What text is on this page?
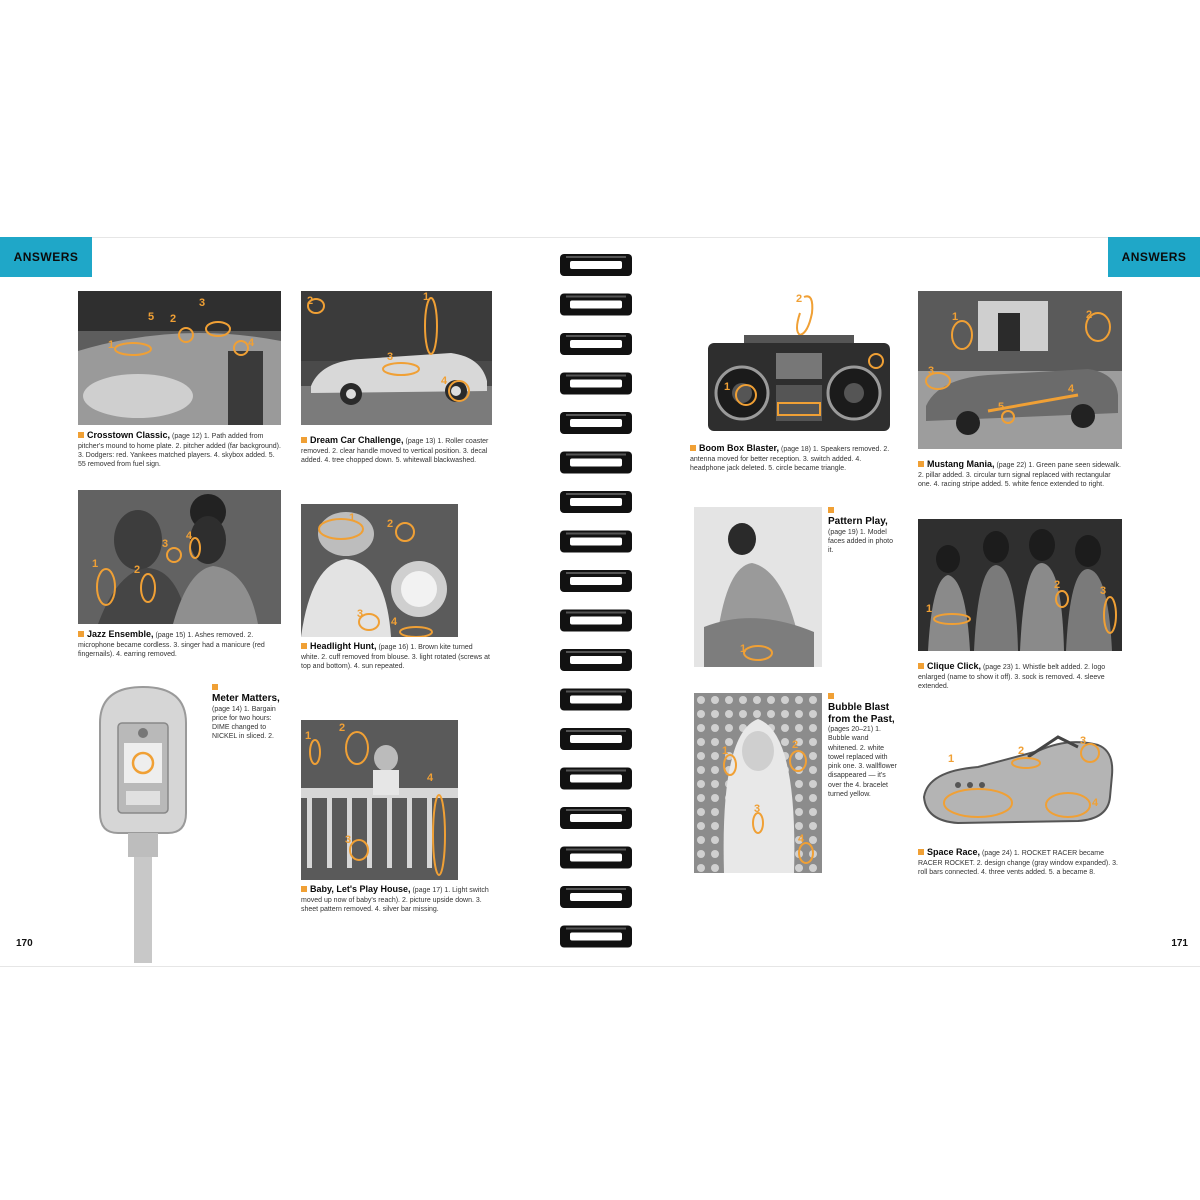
ANSWERS
1
2
3
4
5
Crosstown Classic, (page 12) 1. Path added from pitcher's mound to home plate. 2. pitcher added (far background). 3. Dodgers: red. Yankees matched players. 4. skybox added. 5. 55 removed from fuel sign.
1
2
3
4
Dream Car Challenge, (page 13) 1. Roller coaster removed. 2. clear handle moved to vertical position. 3. decal added. 4. tree chopped down. 5. whitewall blackwashed.
1	2
3
4
Jazz Ensemble, (page 15) 1. Ashes removed. 2. microphone became cordless. 3. singer had a manicure (red fingernails). 4. earring removed.
1	2
3
4
Headlight Hunt, (page 16) 1. Brown kite turned white. 2. cuff removed from blouse. 3. light rotated (screws at top and bottom). 4. sun repeated.
Meter Matters,
(page 14) 1. Bargain price for two hours: DIME changed to NICKEL in sliced. 2.	1
2
3
4
Baby, Let's Play House, (page 17) 1. Light switch moved up now of baby's reach). 2. picture upside down. 3. sheet pattern removed. 4. silver bar missing.
170
ANSWERS
2
1
Boom Box Blaster, (page 18) 1. Speakers removed. 2. antenna moved for better reception. 3. switch added. 4. headphone jack deleted. 5. circle became triangle.
1	2
3
4
5
Mustang Mania, (page 22) 1. Green pane seen sidewalk. 2. pillar added. 3. circular turn signal replaced with rectangular one. 4. racing stripe added. 5. white fence extended to right.
1
Pattern Play,
(page 19) 1. Model faces added in photo it.
1
2	3
Clique Click, (page 23) 1. Whistle belt added. 2. logo enlarged (name to show it off). 3. sock is removed. 4. sleeve extended.
1	2
3
4
Bubble Blast from the Past,
(pages 20–21) 1. Bubble wand whitened. 2. white towel replaced with pink one. 3. wallflower disappeared — it's over the 4. bracelet turned yellow.
1
2
3
4
Space Race, (page 24) 1. ROCKET RACER became RACER ROCKET. 2. design change (gray window expanded). 3. roll bars connected. 4. three vents added. 5. a became 8.
171
